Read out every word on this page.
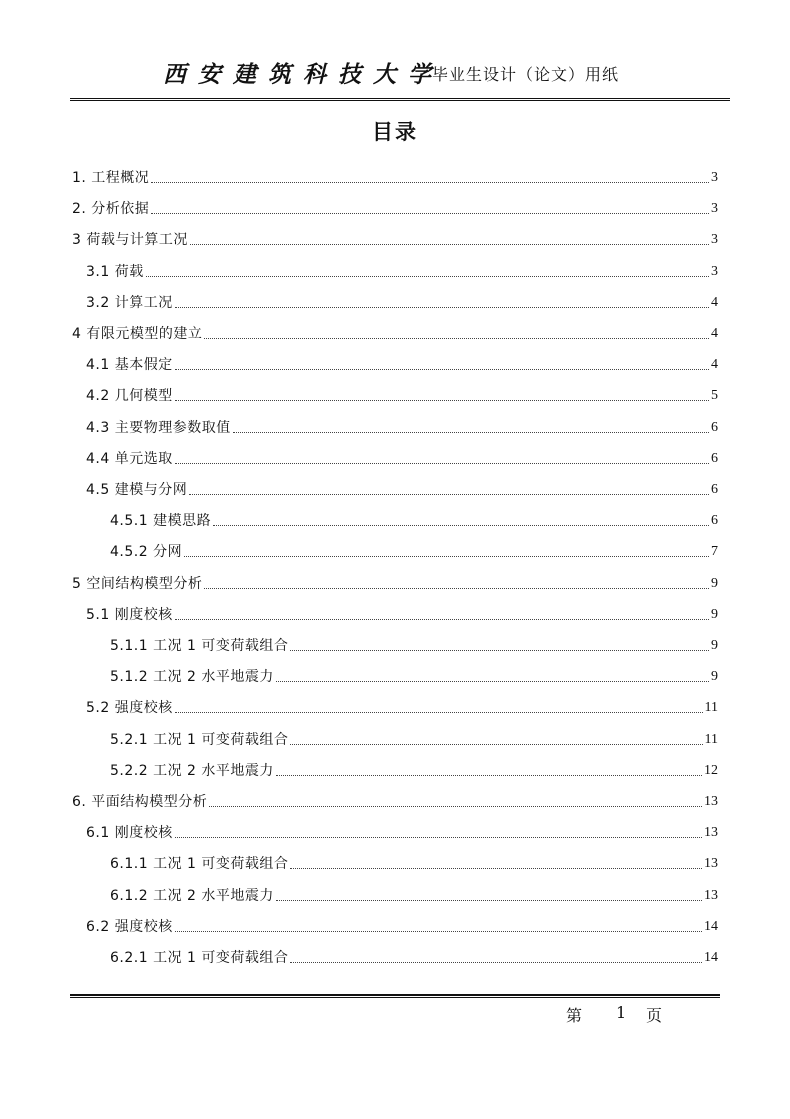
西安建筑科技大学
毕业生设计（论文）用纸
目录
1. 工程概况	3
2. 分析依据	3
3 荷载与计算工况	3
3.1 荷载	3
3.2 计算工况	4
4 有限元模型的建立	4
4.1 基本假定	4
4.2 几何模型	5
4.3 主要物理参数取值	6
4.4 单元选取	6
4.5 建模与分网	6
4.5.1 建模思路	6
4.5.2 分网	7
5 空间结构模型分析	9
5.1 刚度校核	9
5.1.1 工况 1 可变荷载组合	9
5.1.2 工况 2 水平地震力	9
5.2 强度校核	11
5.2.1 工况 1 可变荷载组合	11
5.2.2 工况 2 水平地震力	12
6. 平面结构模型分析	13
6.1 刚度校核	13
6.1.1 工况 1 可变荷载组合	13
6.1.2 工况 2 水平地震力	13
6.2 强度校核	14
6.2.1 工况 1 可变荷载组合	14
第 1 页
